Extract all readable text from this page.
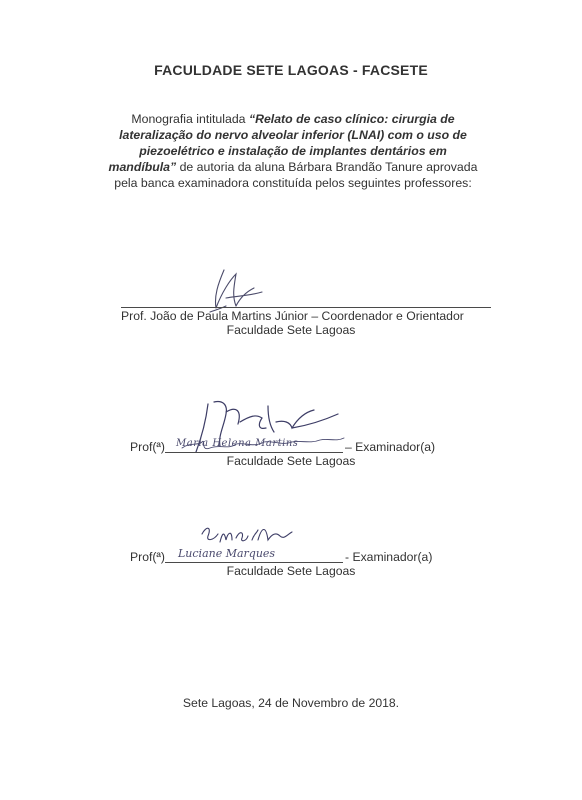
FACULDADE SETE LAGOAS - FACSETE
Monografia intitulada “Relato de caso clínico: cirurgia de lateralização do nervo alveolar inferior (LNAI) com o uso de piezoelétrico e instalação de implantes dentários em mandíbula” de autoria da aluna Bárbara Brandão Tanure aprovada pela banca examinadora constituída pelos seguintes professores:
Prof. João de Paula Martins Júnior – Coordenador e Orientador
Faculdade Sete Lagoas
Prof(ª) Maria Helena Martins	– Examinador(a)
Faculdade Sete Lagoas
Prof(ª) Luciane Marques	- Examinador(a)
Faculdade Sete Lagoas
Sete Lagoas, 24 de Novembro de 2018.
